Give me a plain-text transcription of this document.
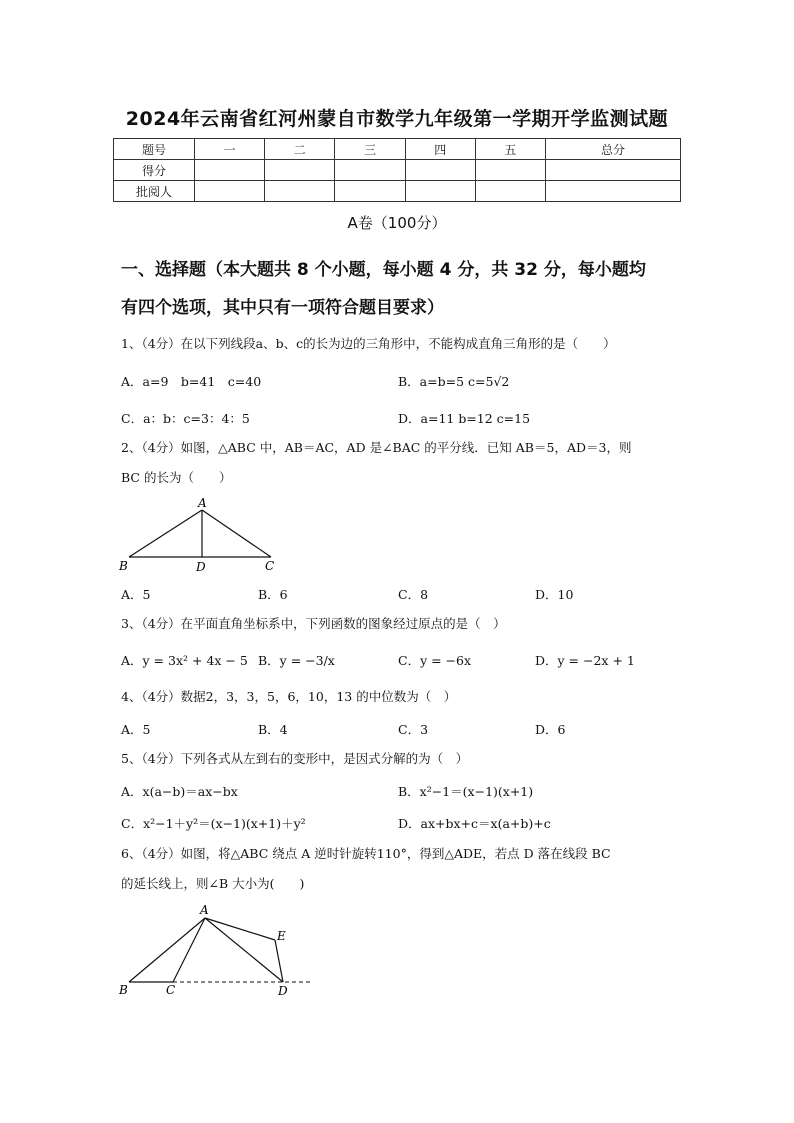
2024年云南省红河州蒙自市数学九年级第一学期开学监测试题
题号	一	二	三	四	五	总分
得分						
批阅人						
A卷（100分）
一、选择题（本大题共 8 个小题，每小题 4 分，共 32 分，每小题均
有四个选项，其中只有一项符合题目要求）
1、（4分）在以下列线段a、b、c的长为边的三角形中，不能构成直角三角形的是（　　）
A．a=9　b=41　c=40	B．a=b=5 c=5√2
C．a：b：c=3：4：5	D．a=11 b=12 c=15
2、（4分）如图，△ABC 中，AB＝AC，AD 是∠BAC 的平分线．已知 AB＝5，AD＝3，则
BC 的长为（　　）
A
B	D	C
A．5	B．6	C．8	D．10
3、（4分）在平面直角坐标系中，下列函数的图象经过原点的是（　）
A．y = 3x² + 4x − 5 B．y = −3/x	C．y = −6x	D．y = −2x + 1
4、（4分）数据2，3，3，5，6，10，13 的中位数为（　）
A．5	B．4	C．3	D．6
5、（4分）下列各式从左到右的变形中，是因式分解的为（　）
A．x(a−b)＝ax−bx	B．x²−1＝(x−1)(x+1)
C．x²−1＋y²＝(x−1)(x+1)＋y²	D．ax+bx+c＝x(a+b)+c
6、（4分）如图，将△ABC 绕点 A 逆时针旋转110°，得到△ADE，若点 D 落在线段 BC
的延长线上，则∠B 大小为(　　)
A
E
B	C	D
